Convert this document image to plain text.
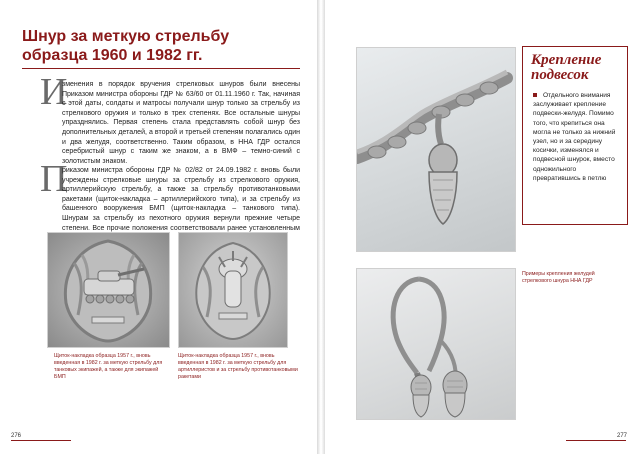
Шнур за меткую стрельбу образца 1960 и 1982 гг.
И

зменения в порядок вручения стрелковых шнуров были внесены Приказом министра обороны ГДР № 63/60 от 01.11.1960 г. Так, начиная с этой даты, солдаты и матросы получали шнур только за стрельбу из стрелкового оружия и только в трех степенях. Все остальные шнуры упразднялись. Первая степень стала представлять собой шнур без дополнительных деталей, а второй и третьей степеням полагались один и два желудя, соответственно. Таким образом, в ННА ГДР остался серебристый шнур с таким же знаком, а в ВМФ – темно-синий с золотистым знаком.

П

риказом министра обороны ГДР № 02/82 от 24.09.1982 г. вновь были учреждены стрелковые шнуры за стрельбу из стрелкового оружия, артиллерийскую стрельбу, а также за стрельбу противотанковыми ракетами (щиток-накладка – артиллерийского типа), и за стрельбу из башенного вооружения БМП (щиток-накладка – танкового типа). Шнурам за стрельбу из пехотного оружия вернули прежние четыре степени. Все прочие положения соответствовали ранее установленным

Щиток-накладка образца 1957 г., вновь введенная в 1982 г. за меткую стрельбу для танковых экипажей, а также для экипажей БМП

Щиток-накладка образца 1957 г., вновь введенная в 1982 г. за меткую стрельбу для артиллеристов и за стрельбу противотанковыми ракетами

276
Крепление подвесок

Отдельного внимания заслуживает крепление подвески-желудя. Помимо того, что крепиться она могла не только за нижний узел, но и за середину косички, изменялся и подвесной шнурок, вместо одножильного превратившись в петлю

Примеры крепления желудей стрелкового шнура ННА ГДР

277
